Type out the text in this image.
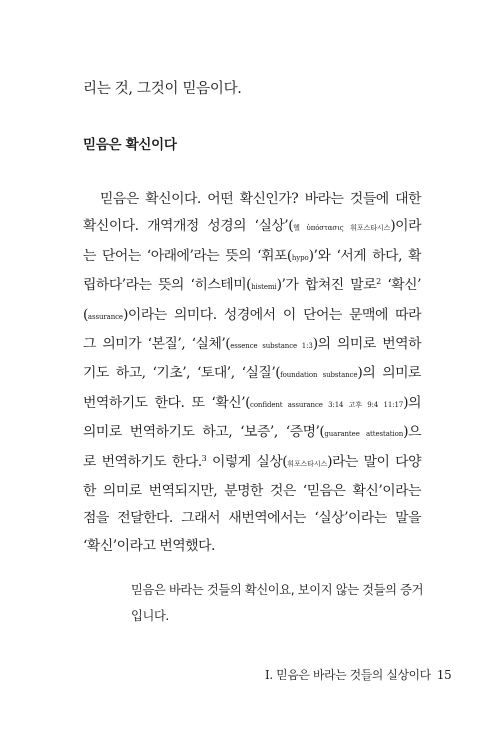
리는 것, 그것이 믿음이다.
믿음은 확신이다
믿음은 확신이다. 어떤 확신인가? 바라는 것들에 대한
확신이다. 개역개정 성경의 ‘실상’(헬 ὑπόστασις 휘포스타시스)이라
는 단어는 ‘아래에’라는 뜻의 ‘휘포(hypo)’와 ‘서게 하다, 확
립하다’라는 뜻의 ‘히스테미(histemi)’가 합쳐진 말로$^2$ ‘확신’
(assurance)이라는 의미다. 성경에서 이 단어는 문맥에 따라
그 의미가 ‘본질’, ‘실체’(essence substance 1:3)의 의미로 번역하
기도 하고, ‘기초’, ‘토대’, ‘실질’(foundation substance)의 의미로
번역하기도 한다. 또 ‘확신’(confident assurance 3:14 고후 9:4 11:17)의
의미로 번역하기도 하고, ‘보증’, ‘증명’(guarantee attestation)으
로 번역하기도 한다.$^3$ 이렇게 실상(휘포스타시스)라는 말이 다양
한 의미로 번역되지만, 분명한 것은 ‘믿음은 확신’이라는
점을 전달한다. 그래서 새번역에서는 ‘실상’이라는 말을
‘확신’이라고 번역했다.
믿음은 바라는 것들의 확신이요, 보이지 않는 것들의 증거
입니다.
I. 믿음은 바라는 것들의 실상이다 15
